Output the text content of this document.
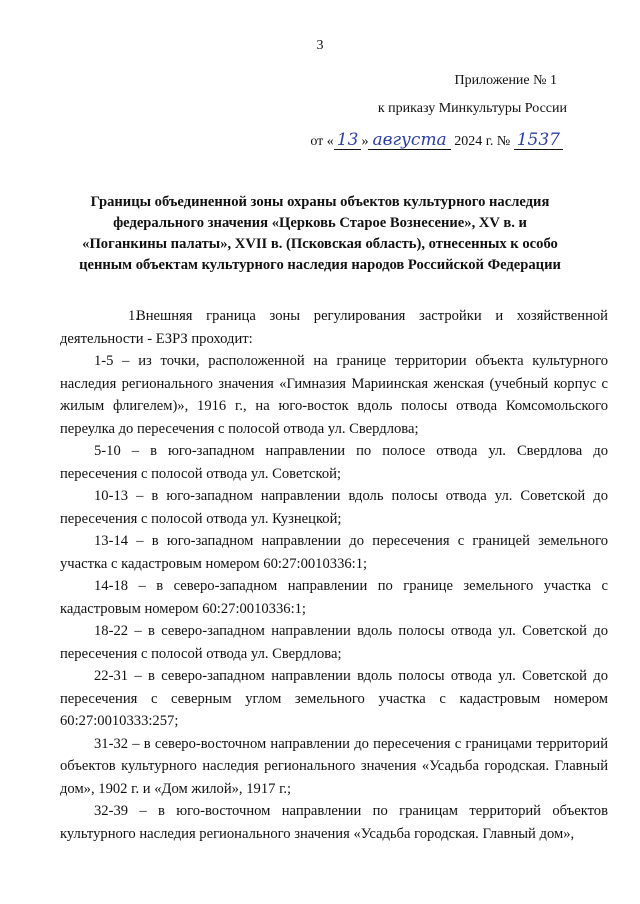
3
Приложение № 1
к приказу Минкультуры России
от « 13 » августа 2024 г. № 1537
Границы объединенной зоны охраны объектов культурного наследия федерального значения «Церковь Старое Вознесение», XV в. и «Поганкины палаты», XVII в. (Псковская область), отнесенных к особо ценным объектам культурного наследия народов Российской Федерации

1.Внешняя граница зоны регулирования застройки и хозяйственной деятельности - ЕЗРЗ проходит:

1-5 – из точки, расположенной на границе территории объекта культурного наследия регионального значения «Гимназия Мариинская женская (учебный корпус с жилым флигелем)», 1916 г., на юго-восток вдоль полосы отвода Комсомольского переулка до пересечения с полосой отвода ул. Свердлова;

5-10 – в юго-западном направлении по полосе отвода ул. Свердлова до пересечения с полосой отвода ул. Советской;

10-13 – в юго-западном направлении вдоль полосы отвода ул. Советской до пересечения с полосой отвода ул. Кузнецкой;

13-14 – в юго-западном направлении до пересечения с границей земельного участка с кадастровым номером 60:27:0010336:1;

14-18 – в северо-западном направлении по границе земельного участка с кадастровым номером 60:27:0010336:1;

18-22 – в северо-западном направлении вдоль полосы отвода ул. Советской до пересечения с полосой отвода ул. Свердлова;

22-31 – в северо-западном направлении вдоль полосы отвода ул. Советской до пересечения с северным углом земельного участка с кадастровым номером 60:27:0010333:257;

31-32 – в северо-восточном направлении до пересечения с границами территорий объектов культурного наследия регионального значения «Усадьба городская. Главный дом», 1902 г. и «Дом жилой», 1917 г.;

32-39 – в юго-восточном направлении по границам территорий объектов культурного наследия регионального значения «Усадьба городская. Главный дом»,
